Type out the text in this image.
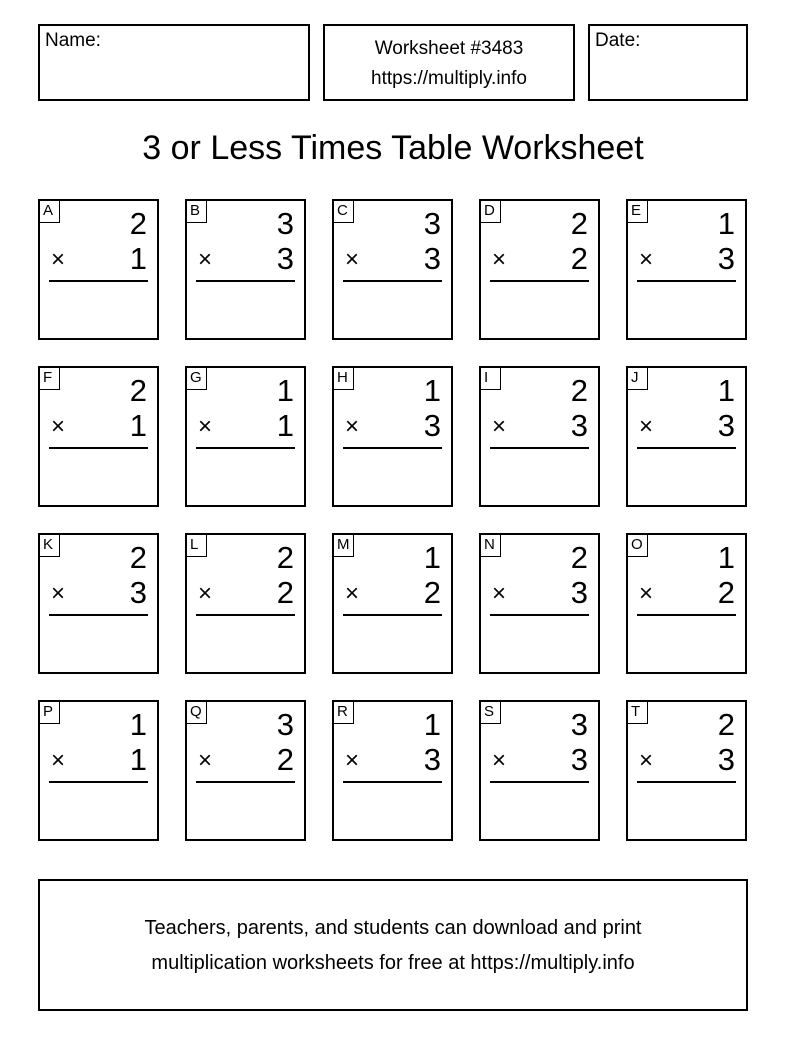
Name:	Worksheet #3483
https://multiply.info
Date:
3 or Less Times Table Worksheet
A 2
× 1
B 3
× 3
C 3
× 3
D 2
× 2
E 1
× 3
F	2
× 1
G 1
× 1
H 1
× 3
I	2
× 3
J	1
× 3
K 2
× 3
L	2
× 2
M 1
× 2
N 2
× 3
O 1
× 2
P 1
× 1
Q 3
× 2
R 1
× 3
S 3
× 3
T	2
× 3
Teachers, parents, and students can download and print
multiplication worksheets for free at https://multiply.info
